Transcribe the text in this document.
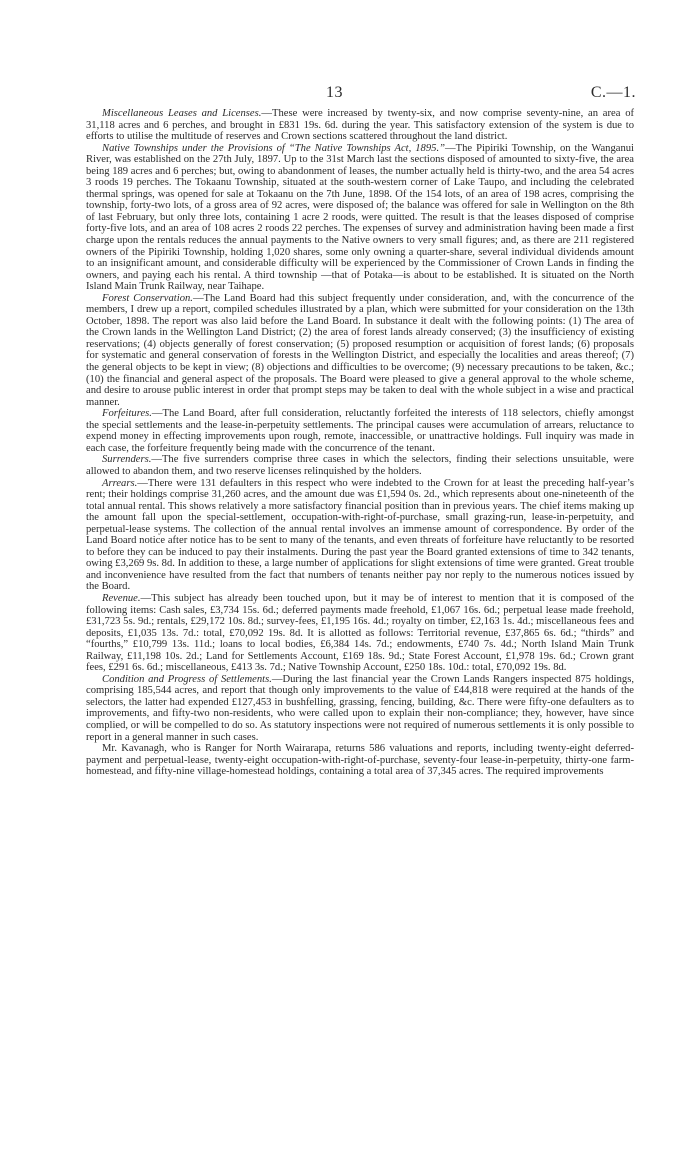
13	C.—1.

Miscellaneous Leases and Licenses.—These were increased by twenty-six, and now comprise seventy-nine, an area of 31,118 acres and 6 perches, and brought in £831 19s. 6d. during the year. This satisfactory extension of the system is due to efforts to utilise the multitude of reserves and Crown sections scattered throughout the land district.

Native Townships under the Provisions of “The Native Townships Act, 1895.”—The Pipiriki Township, on the Wanganui River, was established on the 27th July, 1897. Up to the 31st March last the sections disposed of amounted to sixty-five, the area being 189 acres and 6 perches; but, owing to abandonment of leases, the number actually held is thirty-two, and the area 54 acres 3 roods 19 perches. The Tokaanu Township, situated at the south-western corner of Lake Taupo, and including the celebrated thermal springs, was opened for sale at Tokaanu on the 7th June, 1898. Of the 154 lots, of an area of 198 acres, comprising the township, forty-two lots, of a gross area of 92 acres, were disposed of; the balance was offered for sale in Wellington on the 8th of last February, but only three lots, containing 1 acre 2 roods, were quitted. The result is that the leases disposed of comprise forty-five lots, and an area of 108 acres 2 roods 22 perches. The expenses of survey and administration having been made a first charge upon the rentals reduces the annual payments to the Native owners to very small figures; and, as there are 211 registered owners of the Pipiriki Township, holding 1,020 shares, some only owning a quarter-share, several individual dividends amount to an insignificant amount, and considerable difficulty will be experienced by the Commissioner of Crown Lands in finding the owners, and paying each his rental. A third township —that of Potaka—is about to be established. It is situated on the North Island Main Trunk Railway, near Taihape.

Forest Conservation.—The Land Board had this subject frequently under consideration, and, with the concurrence of the members, I drew up a report, compiled schedules illustrated by a plan, which were submitted for your consideration on the 13th October, 1898. The report was also laid before the Land Board. In substance it dealt with the following points: (1) The area of the Crown lands in the Wellington Land District; (2) the area of forest lands already conserved; (3) the insufficiency of existing reservations; (4) objects generally of forest conservation; (5) proposed resumption or acquisition of forest lands; (6) proposals for systematic and general conservation of forests in the Wellington District, and especially the localities and areas thereof; (7) the general objects to be kept in view; (8) objections and difficulties to be overcome; (9) necessary precautions to be taken, &c.; (10) the financial and general aspect of the proposals. The Board were pleased to give a general approval to the whole scheme, and desire to arouse public interest in order that prompt steps may be taken to deal with the whole subject in a wise and practical manner.

Forfeitures.—The Land Board, after full consideration, reluctantly forfeited the interests of 118 selectors, chiefly amongst the special settlements and the lease-in-perpetuity settlements. The principal causes were accumulation of arrears, reluctance to expend money in effecting improvements upon rough, remote, inaccessible, or unattractive holdings. Full inquiry was made in each case, the forfeiture frequently being made with the concurrence of the tenant.

Surrenders.—The five surrenders comprise three cases in which the selectors, finding their selections unsuitable, were allowed to abandon them, and two reserve licenses relinquished by the holders.

Arrears.—There were 131 defaulters in this respect who were indebted to the Crown for at least the preceding half-year’s rent; their holdings comprise 31,260 acres, and the amount due was £1,594 0s. 2d., which represents about one-nineteenth of the total annual rental. This shows relatively a more satisfactory financial position than in previous years. The chief items making up the amount fall upon the special-settlement, occupation-with-right-of-purchase, small grazing-run, lease-in-perpetuity, and perpetual-lease systems. The collection of the annual rental involves an immense amount of correspondence. By order of the Land Board notice after notice has to be sent to many of the tenants, and even threats of forfeiture have reluctantly to be resorted to before they can be induced to pay their instalments. During the past year the Board granted extensions of time to 342 tenants, owing £3,269 9s. 8d. In addition to these, a large number of applications for slight extensions of time were granted. Great trouble and inconvenience have resulted from the fact that numbers of tenants neither pay nor reply to the numerous notices issued by the Board.

Revenue.—This subject has already been touched upon, but it may be of interest to mention that it is composed of the following items: Cash sales, £3,734 15s. 6d.; deferred payments made freehold, £1,067 16s. 6d.; perpetual lease made freehold, £31,723 5s. 9d.; rentals, £29,172 10s. 8d.; survey-fees, £1,195 16s. 4d.; royalty on timber, £2,163 1s. 4d.; miscellaneous fees and deposits, £1,035 13s. 7d.: total, £70,092 19s. 8d. It is allotted as follows: Territorial revenue, £37,865 6s. 6d.; “thirds” and “fourths,” £10,799 13s. 11d.; loans to local bodies, £6,384 14s. 7d.; endowments, £740 7s. 4d.; North Island Main Trunk Railway, £11,198 10s. 2d.; Land for Settlements Account, £169 18s. 9d.; State Forest Account, £1,978 19s. 6d.; Crown grant fees, £291 6s. 6d.; miscellaneous, £413 3s. 7d.; Native Township Account, £250 18s. 10d.: total, £70,092 19s. 8d.

Condition and Progress of Settlements.—During the last financial year the Crown Lands Rangers inspected 875 holdings, comprising 185,544 acres, and report that though only improvements to the value of £44,818 were required at the hands of the selectors, the latter had expended £127,453 in bushfelling, grassing, fencing, building, &c. There were fifty-one defaulters as to improvements, and fifty-two non-residents, who were called upon to explain their non-compliance; they, however, have since complied, or will be compelled to do so. As statutory inspections were not required of numerous settlements it is only possible to report in a general manner in such cases.

Mr. Kavanagh, who is Ranger for North Wairarapa, returns 586 valuations and reports, including twenty-eight deferred-payment and perpetual-lease, twenty-eight occupation-with-right-of-purchase, seventy-four lease-in-perpetuity, thirty-one farm-homestead, and fifty-nine village-homestead holdings, containing a total area of 37,345 acres. The required improvements
